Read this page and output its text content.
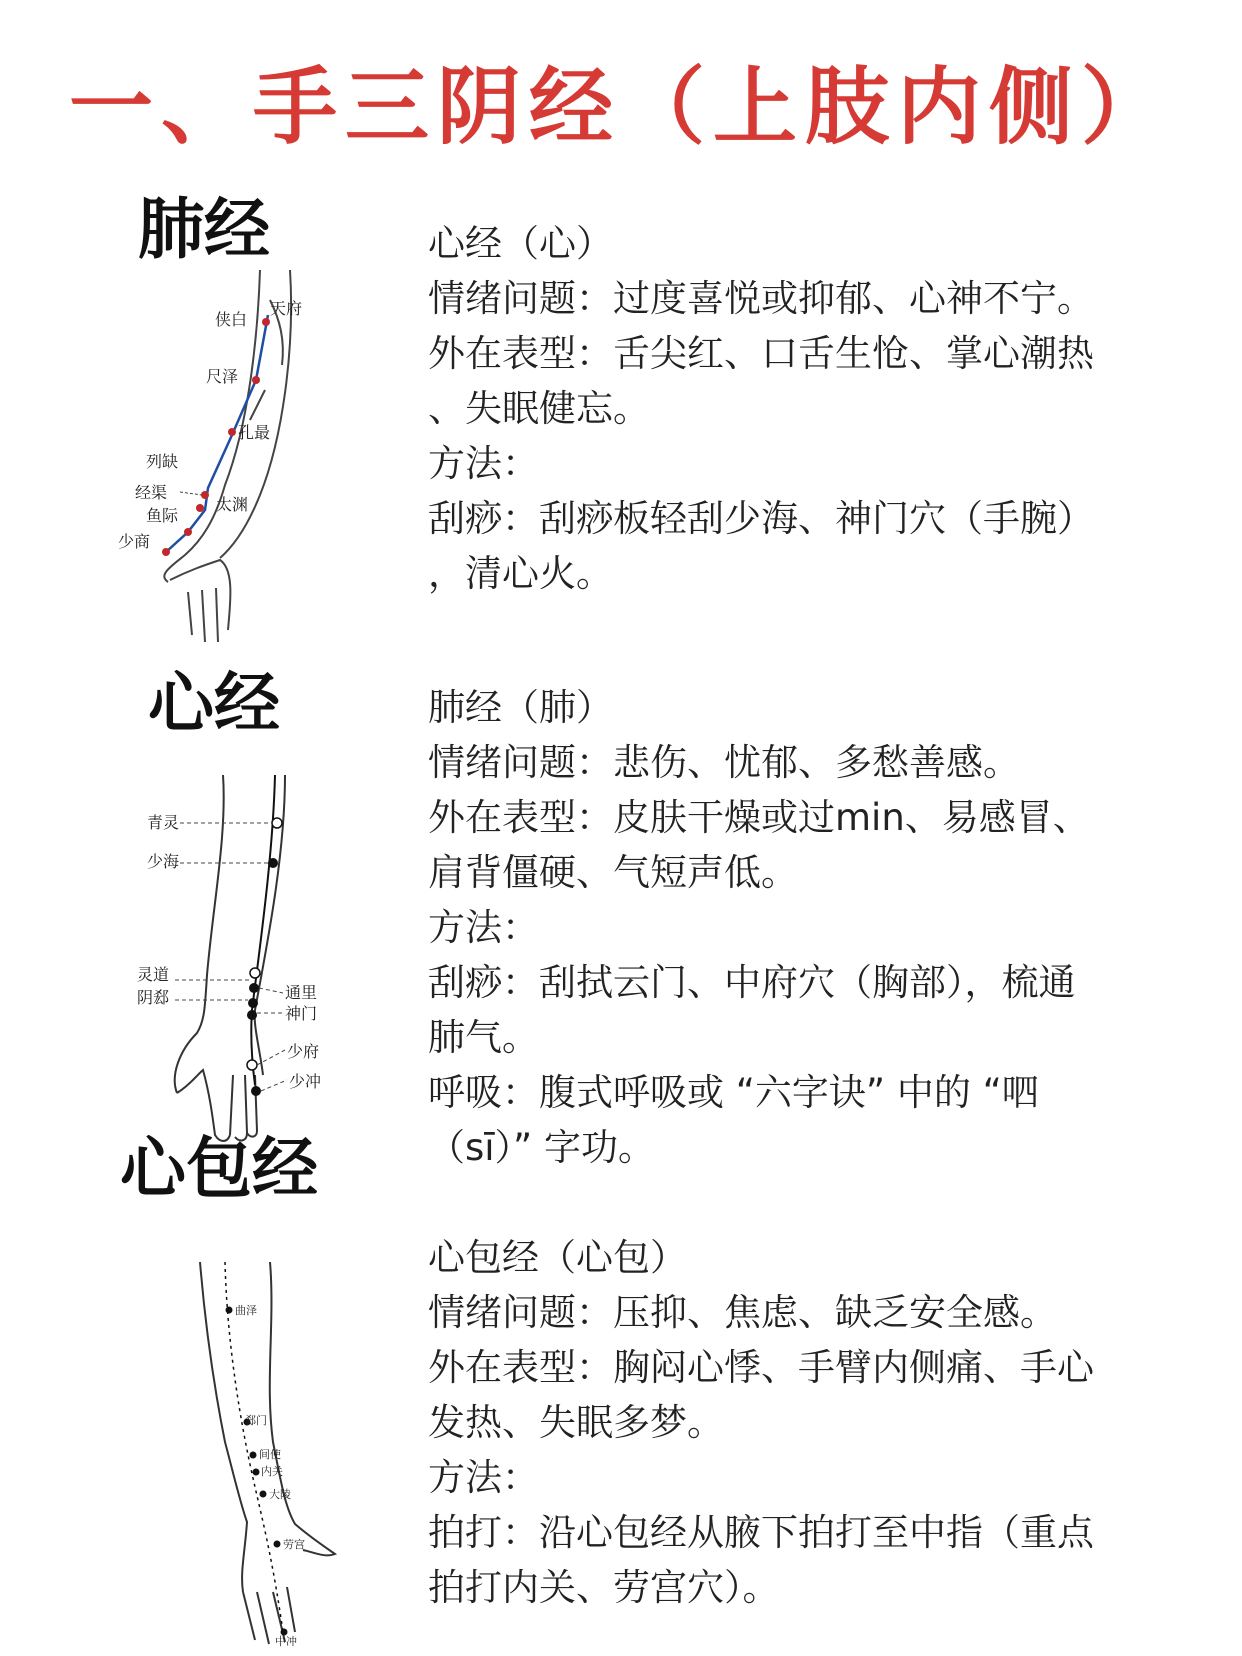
一、手三阴经（上肢内侧）
肺经
侠白
天府
尺泽
孔最
列缺
经渠
太渊
鱼际
少商
心经
青灵
少海
灵道
阴郄	通里
神门
少府
少冲
心包经
曲泽
郄门
间使
内关
大陵
劳宫
中冲
心经（心）
情绪问题：过度喜悦或抑郁、心神不宁。
外在表型：舌尖红、口舌生怆、掌心潮热
、失眠健忘。
方法：
刮痧：刮痧板轻刮少海、神门穴（手腕）
，清心火。
肺经（肺）
情绪问题：悲伤、忧郁、多愁善感。
外在表型：皮肤干燥或过min、易感冒、
肩背僵硬、气短声低。
方法：
刮痧：刮拭云门、中府穴（胸部），梳通
肺气。
呼吸：腹式呼吸或 “六字诀” 中的 “呬
（sī）” 字功。
心包经（心包）
情绪问题：压抑、焦虑、缺乏安全感。
外在表型：胸闷心悸、手臂内侧痛、手心
发热、失眠多梦。
方法：
拍打：沿心包经从腋下拍打至中指（重点
拍打内关、劳宫穴）。
